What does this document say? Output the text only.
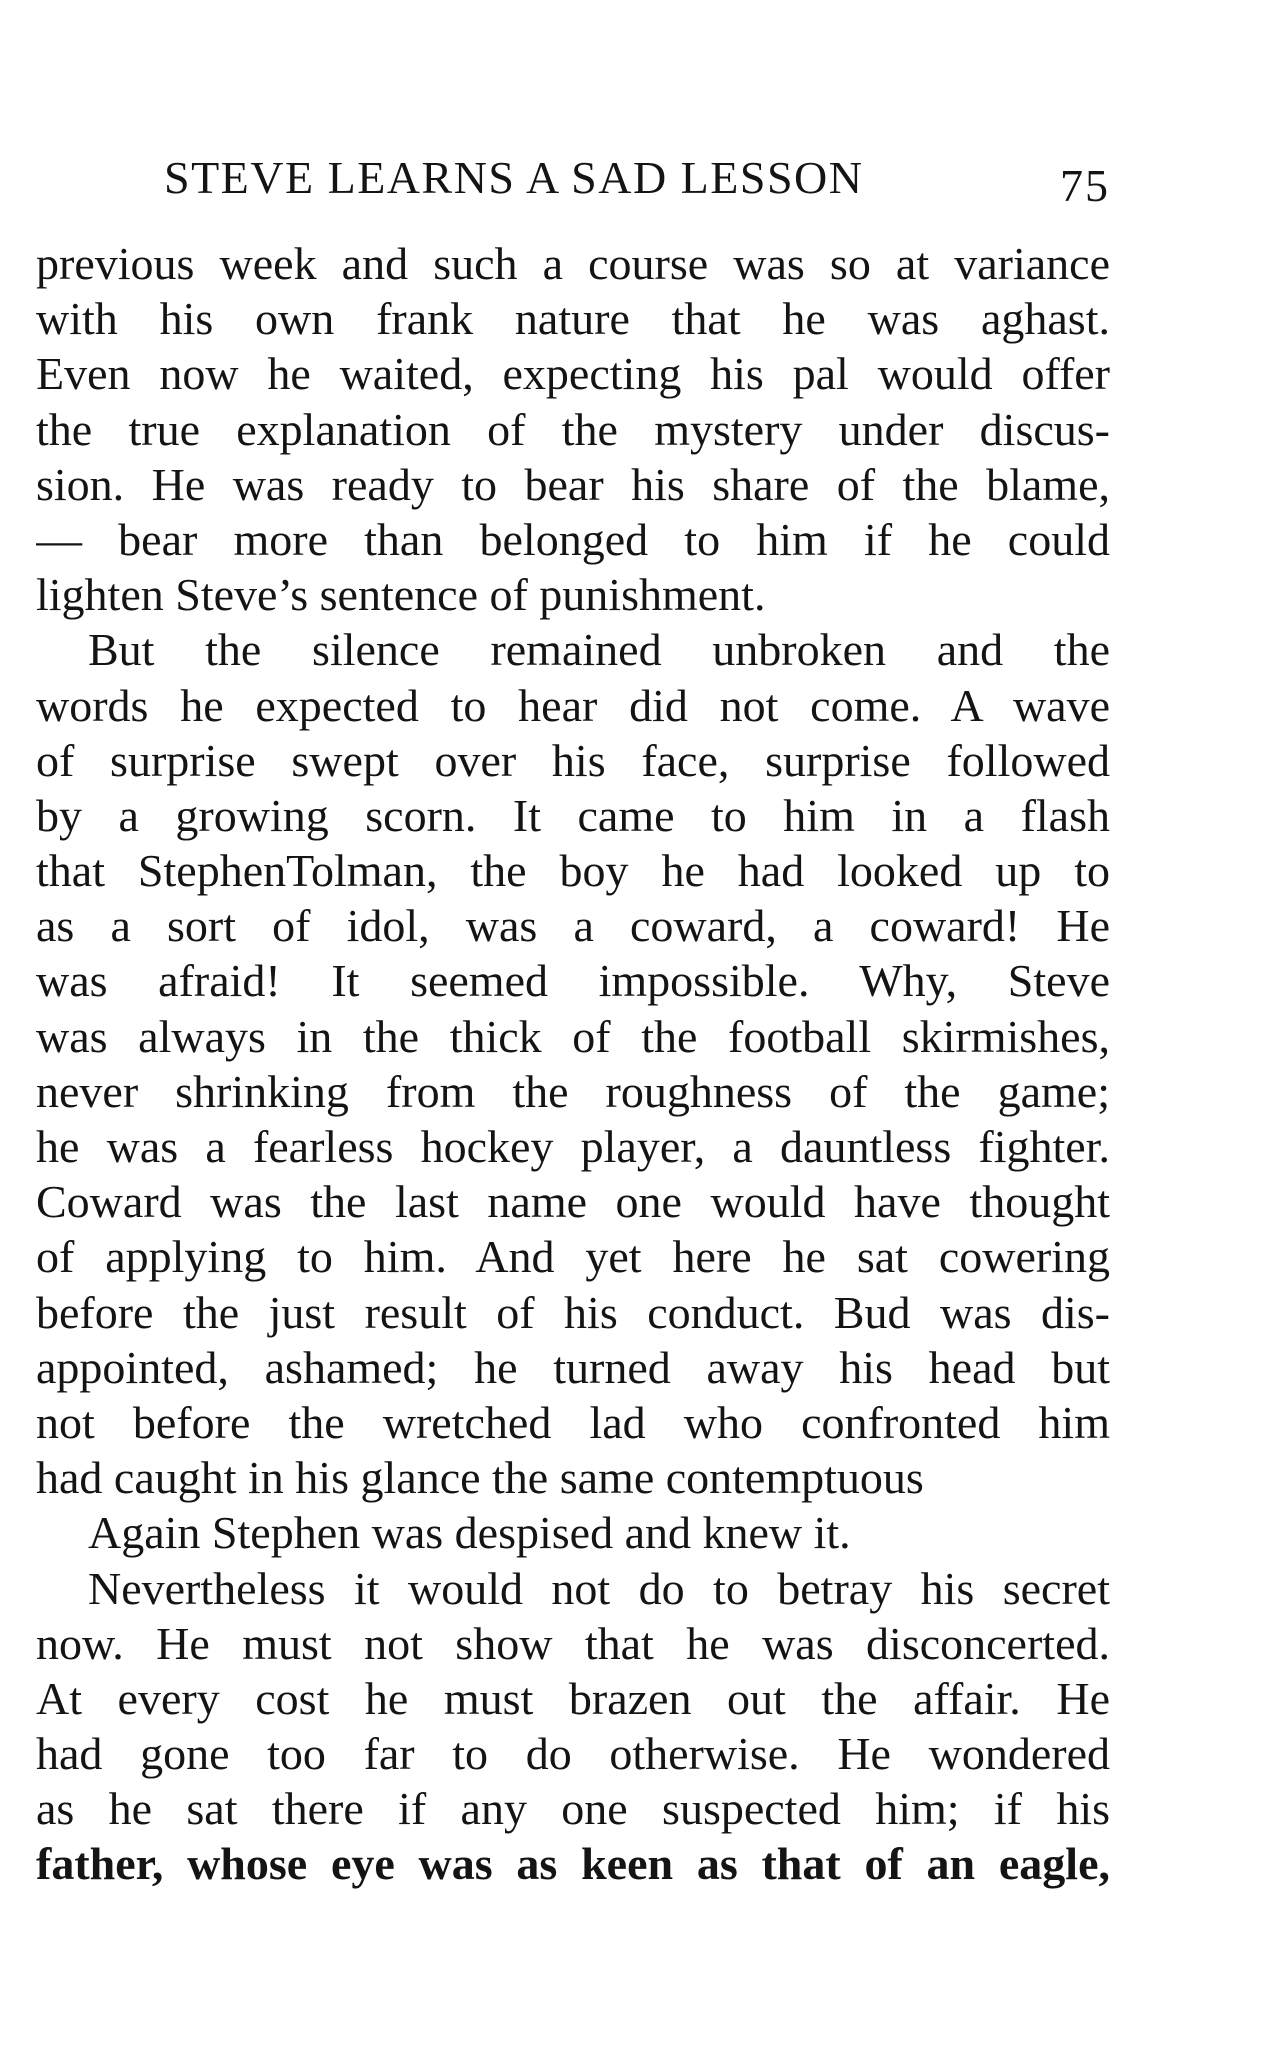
STEVE LEARNS A SAD LESSON	75
previous week and such a course was so at variance
with his own frank nature that he was aghast.
Even now he waited, expecting his pal would offer
the true explanation of the mystery under discus-
sion. He was ready to bear his share of the blame,
— bear more than belonged to him if he could
lighten Steve’s sentence of punishment.
But the silence remained unbroken and the
words he expected to hear did not come. A wave
of surprise swept over his face, surprise followed
by a growing scorn. It came to him in a flash
that StephenTolman, the boy he had looked up to
as a sort of idol, was a coward, a coward! He
was afraid! It seemed impossible. Why, Steve
was always in the thick of the football skirmishes,
never shrinking from the roughness of the game;
he was a fearless hockey player, a dauntless fighter.
Coward was the last name one would have thought
of applying to him. And yet here he sat cowering
before the just result of his conduct. Bud was dis-
appointed, ashamed; he turned away his head but
not before the wretched lad who confronted him
had caught in his glance the same contemptuous
Again Stephen was despised and knew it.
Nevertheless it would not do to betray his secret
now. He must not show that he was disconcerted.
At every cost he must brazen out the affair. He
had gone too far to do otherwise. He wondered
as he sat there if any one suspected him; if his
father, whose eye was as keen as that of an eagle,
